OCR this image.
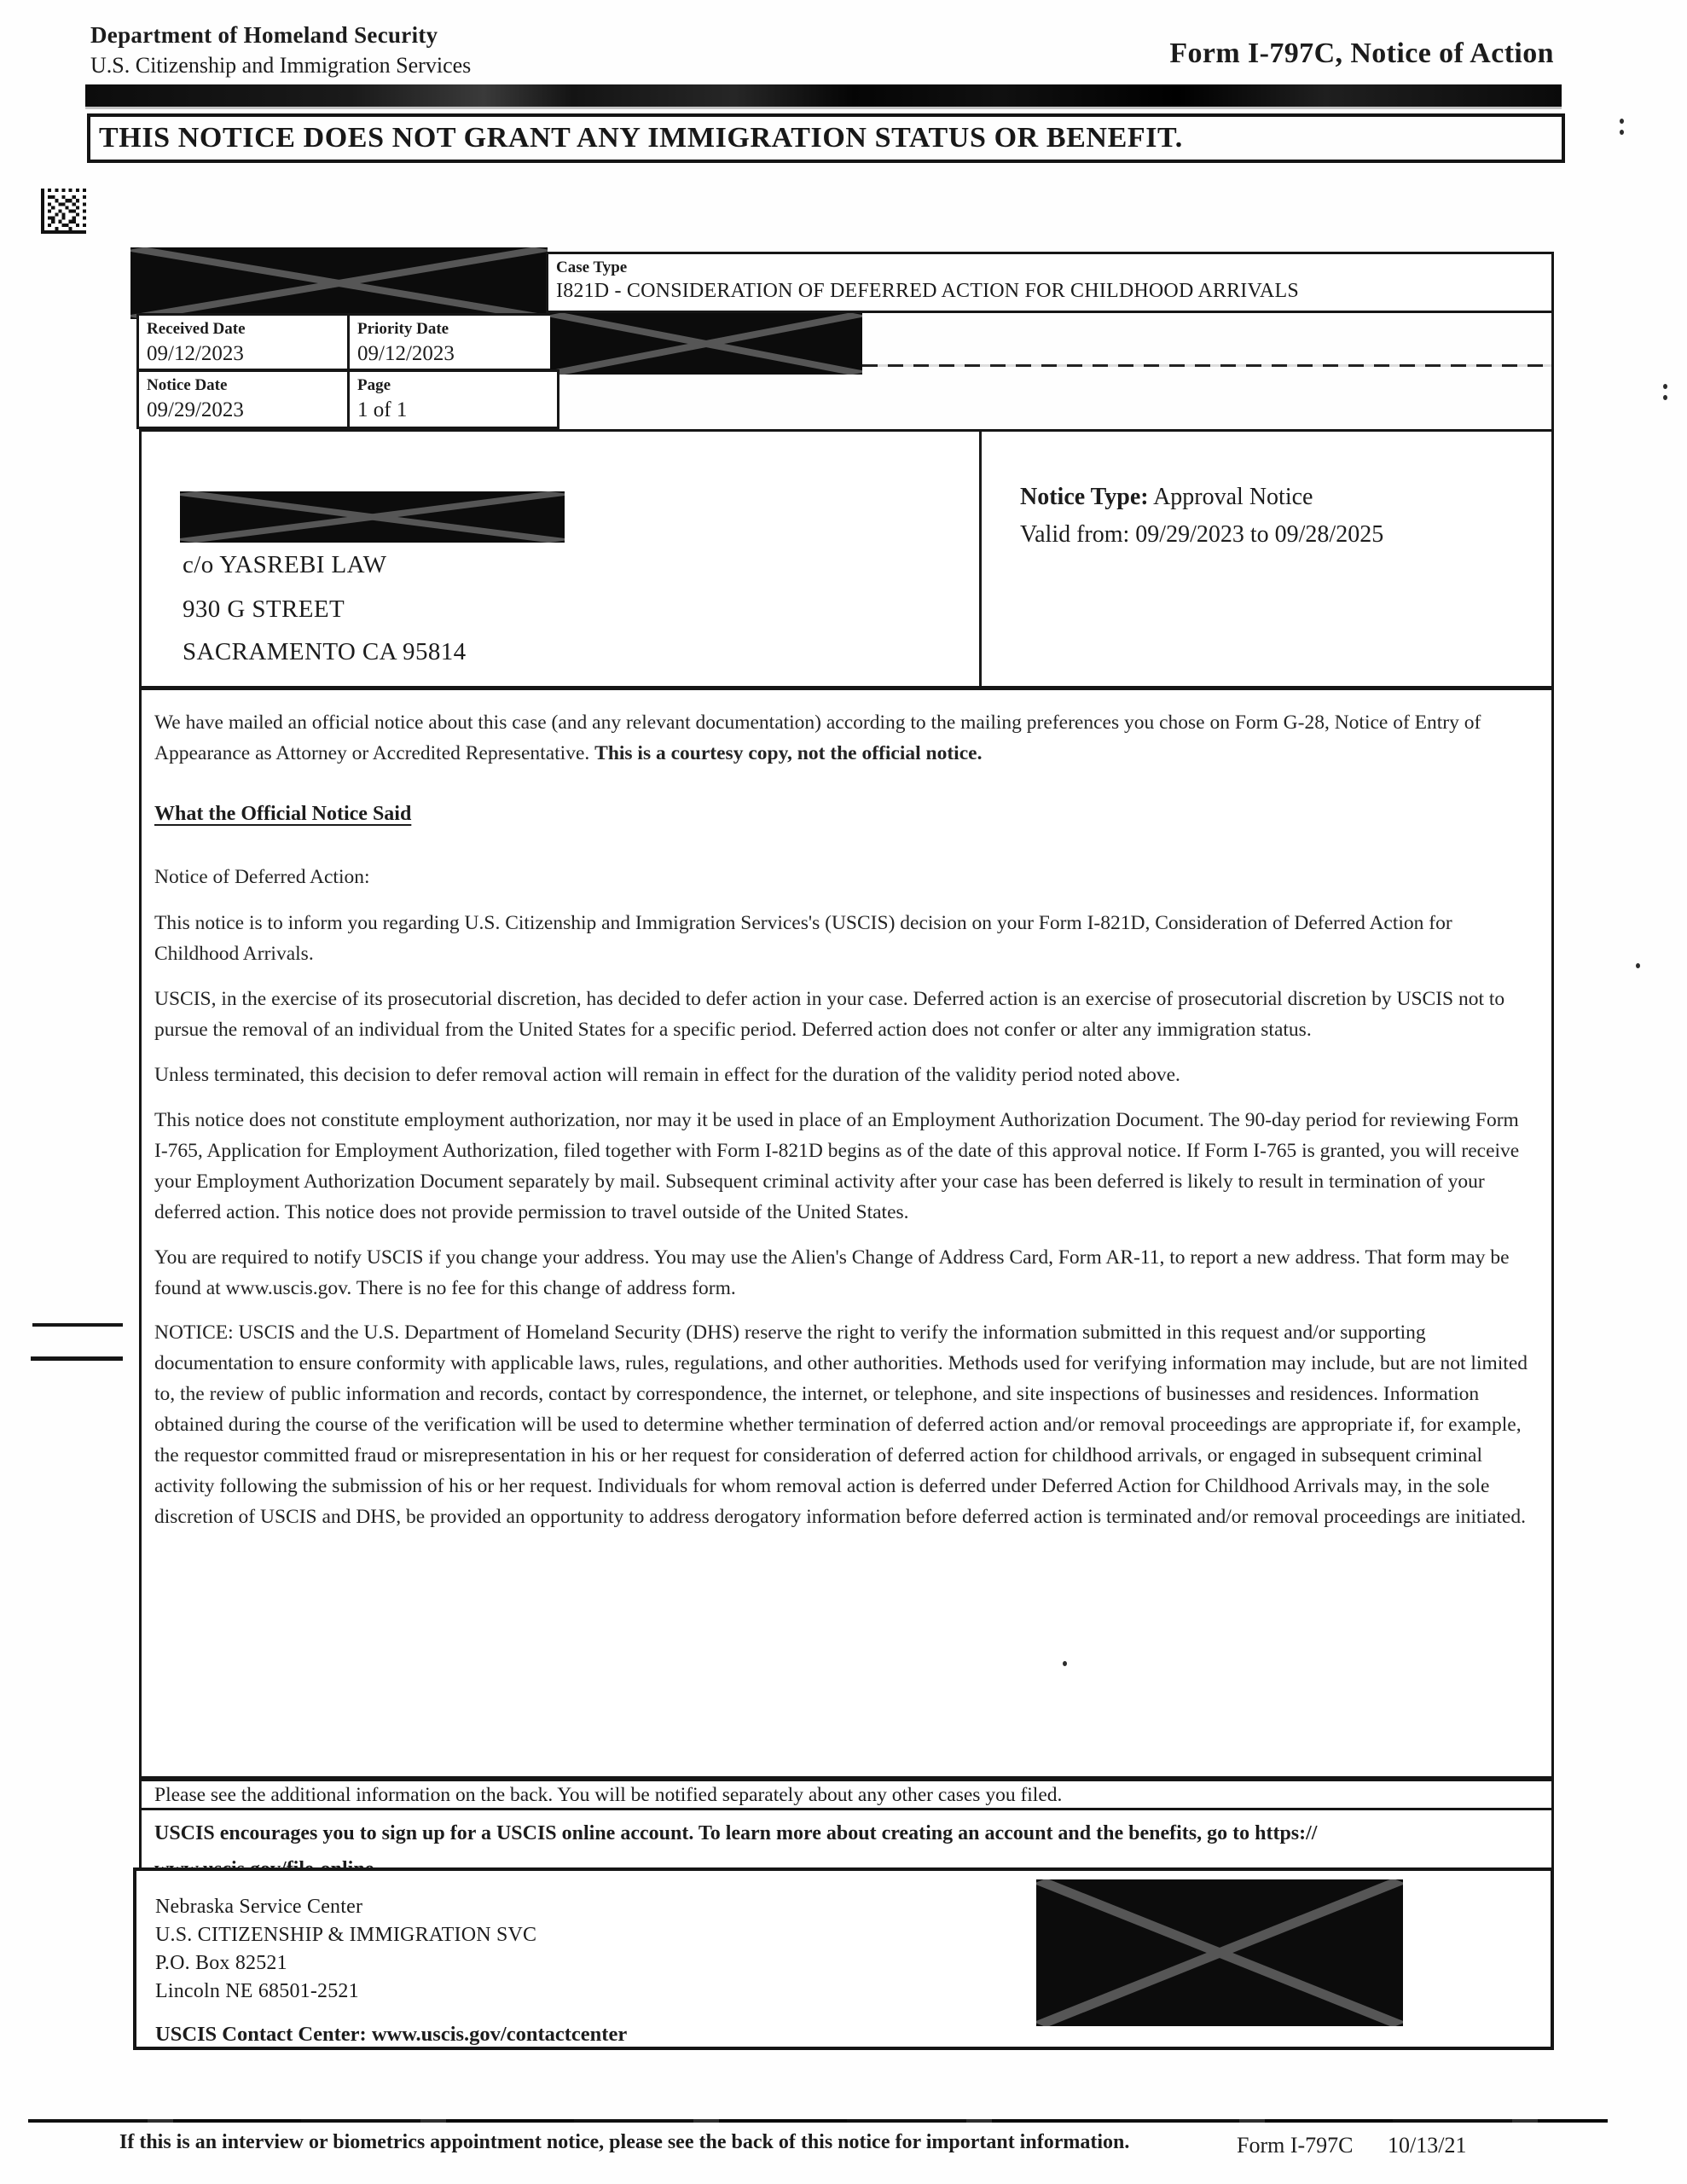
Department of Homeland Security
U.S. Citizenship and Immigration Services	Form I-797C, Notice of Action
THIS NOTICE DOES NOT GRANT ANY IMMIGRATION STATUS OR BENEFIT.
Case Type
I821D - CONSIDERATION OF DEFERRED ACTION FOR CHILDHOOD ARRIVALS
Received Date
09/12/2023
Priority Date
09/12/2023
Notice Date
09/29/2023
Page
1 of 1
c/o YASREBI LAW
930 G STREET
SACRAMENTO CA 95814
Notice Type: Approval Notice
Valid from: 09/29/2023 to 09/28/2025
We have mailed an official notice about this case (and any relevant documentation) according to the mailing preferences you chose on Form G-28, Notice of Entry of Appearance as Attorney or Accredited Representative. This is a courtesy copy, not the official notice.
What the Official Notice Said
Notice of Deferred Action:
This notice is to inform you regarding U.S. Citizenship and Immigration Services's (USCIS) decision on your Form I-821D, Consideration of Deferred Action for Childhood Arrivals.
USCIS, in the exercise of its prosecutorial discretion, has decided to defer action in your case. Deferred action is an exercise of prosecutorial discretion by USCIS not to pursue the removal of an individual from the United States for a specific period. Deferred action does not confer or alter any immigration status.
Unless terminated, this decision to defer removal action will remain in effect for the duration of the validity period noted above.
This notice does not constitute employment authorization, nor may it be used in place of an Employment Authorization Document. The 90-day period for reviewing Form I-765, Application for Employment Authorization, filed together with Form I-821D begins as of the date of this approval notice. If Form I-765 is granted, you will receive your Employment Authorization Document separately by mail. Subsequent criminal activity after your case has been deferred is likely to result in termination of your deferred action. This notice does not provide permission to travel outside of the United States.
You are required to notify USCIS if you change your address. You may use the Alien's Change of Address Card, Form AR-11, to report a new address. That form may be found at www.uscis.gov. There is no fee for this change of address form.
NOTICE: USCIS and the U.S. Department of Homeland Security (DHS) reserve the right to verify the information submitted in this request and/or supporting documentation to ensure conformity with applicable laws, rules, regulations, and other authorities. Methods used for verifying information may include, but are not limited to, the review of public information and records, contact by correspondence, the internet, or telephone, and site inspections of businesses and residences. Information obtained during the course of the verification will be used to determine whether termination of deferred action and/or removal proceedings are appropriate if, for example, the requestor committed fraud or misrepresentation in his or her request for consideration of deferred action for childhood arrivals, or engaged in subsequent criminal activity following the submission of his or her request. Individuals for whom removal action is deferred under Deferred Action for Childhood Arrivals may, in the sole discretion of USCIS and DHS, be provided an opportunity to address derogatory information before deferred action is terminated and/or removal proceedings are initiated.
Please see the additional information on the back. You will be notified separately about any other cases you filed.
USCIS encourages you to sign up for a USCIS online account. To learn more about creating an account and the benefits, go to https://
Nebraska Service Center
U.S. CITIZENSHIP & IMMIGRATION SVC
P.O. Box 82521
Lincoln NE 68501-2521
USCIS Contact Center: www.uscis.gov/contactcenter
If this is an interview or biometrics appointment notice, please see the back of this notice for important information.	Form I-797C 10/13/21
